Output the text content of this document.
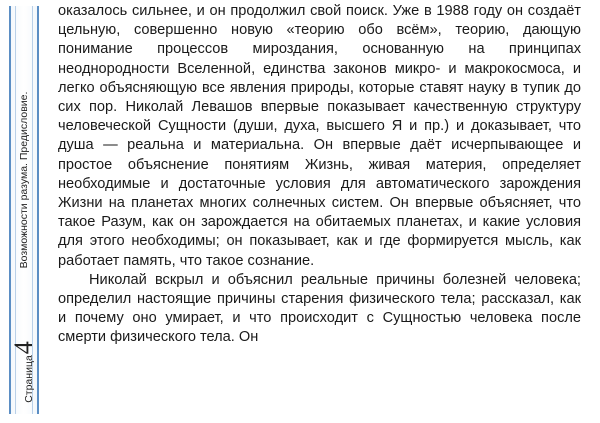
Возможности разума. Предисловие.
Страница
4

оказалось сильнее, и он продолжил свой поиск. Уже в 1988 году он создаёт цельную, совершенно новую «теорию обо всём», теорию, дающую понимание процессов мироздания, основанную на принципах неоднородности Вселенной, единства законов микро- и макрокосмоса, и легко объясняющую все явления природы, которые ставят науку в тупик до сих пор. Николай Левашов впервые показывает качественную структуру человеческой Сущности (души, духа, высшего Я и пр.) и доказывает, что душа — реальна и материальна. Он впервые даёт исчерпывающее и простое объяснение понятиям Жизнь, живая материя, определяет необходимые и достаточные условия для автоматического зарождения Жизни на планетах многих солнечных систем. Он впервые объясняет, что такое Разум, как он зарождается на обитаемых планетах, и какие условия для этого необходимы; он показывает, как и где формируется мысль, как работает память, что такое сознание.

Николай вскрыл и объяснил реальные причины болезней человека; определил настоящие причины старения физического тела; рассказал, как и почему оно умирает, и что происходит с Сущностью человека после смерти физического тела. Он
